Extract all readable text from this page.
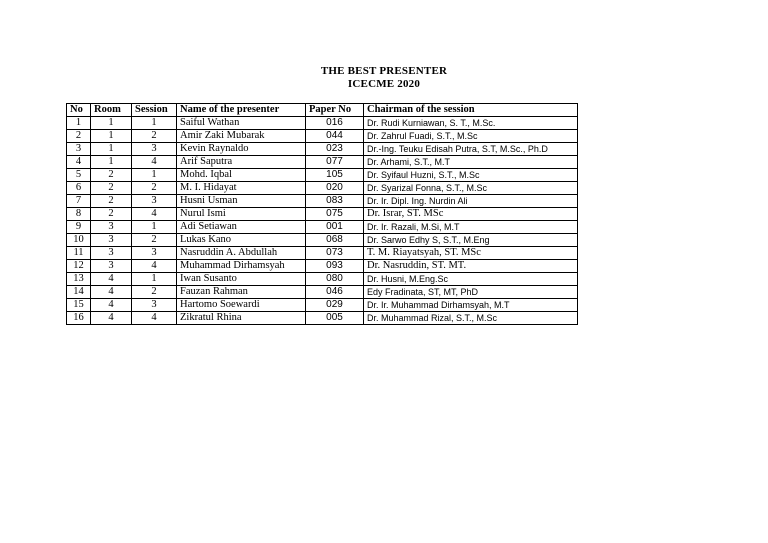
THE BEST PRESENTER
ICECME 2020
No	Room	Session	Name of the presenter	Paper No	Chairman of the session
1	1	1	Saiful Wathan	016	Dr. Rudi Kurniawan, S. T., M.Sc.
2	1	2	Amir Zaki Mubarak	044	Dr. Zahrul Fuadi, S.T., M.Sc
3	1	3	Kevin Raynaldo	023	Dr.-Ing. Teuku Edisah Putra, S.T, M.Sc., Ph.D
4	1	4	Arif Saputra	077	Dr. Arhami, S.T., M.T
5	2	1	Mohd. Iqbal	105	Dr. Syifaul Huzni, S.T., M.Sc
6	2	2	M. I. Hidayat	020	Dr. Syarizal Fonna, S.T., M.Sc
7	2	3	Husni Usman	083	Dr. Ir. Dipl. Ing. Nurdin Ali
8	2	4	Nurul Ismi	075	Dr. Israr, ST. MSc
9	3	1	Adi Setiawan	001	Dr. Ir. Razali, M.Si, M.T
10	3	2	Lukas Kano	068	Dr. Sarwo Edhy S, S.T., M.Eng
11	3	3	Nasruddin A. Abdullah	073	T. M. Riayatsyah, ST. MSc
12	3	4	Muhammad Dirhamsyah	093	Dr. Nasruddin, ST. MT.
13	4	1	Iwan Susanto	080	Dr. Husni, M.Eng.Sc
14	4	2	Fauzan Rahman	046	Edy Fradinata, ST, MT, PhD
15	4	3	Hartomo Soewardi	029	Dr. Ir. Muhammad Dirhamsyah, M.T
16	4	4	Zikratul Rhina	005	Dr. Muhammad Rizal, S.T., M.Sc
